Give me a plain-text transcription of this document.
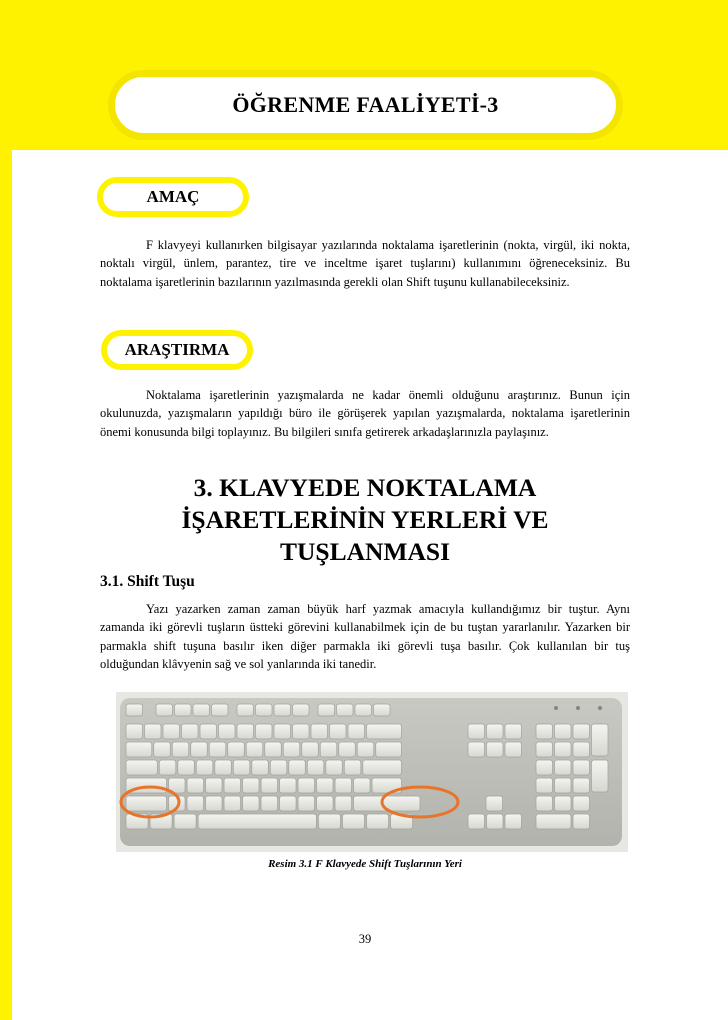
ÖĞRENME FAALİYETİ-3
AMAÇ
F klavyeyi kullanırken bilgisayar yazılarında noktalama işaretlerinin (nokta, virgül, iki nokta, noktalı virgül, ünlem, parantez, tire ve inceltme işaret tuşlarını) kullanımını öğreneceksiniz. Bu noktalama işaretlerinin bazılarının yazılmasında gerekli olan Shift tuşunu kullanabileceksiniz.
ARAŞTIRMA
Noktalama işaretlerinin yazışmalarda ne kadar önemli olduğunu araştırınız. Bunun için okulunuzda, yazışmaların yapıldığı büro ile görüşerek yapılan yazışmalarda, noktalama işaretlerinin önemi konusunda bilgi toplayınız. Bu bilgileri sınıfa getirerek arkadaşlarınızla paylaşınız.
3. KLAVYEDE NOKTALAMA
İŞARETLERİNİN YERLERİ VE
TUŞLANMASI
3.1. Shift Tuşu
Yazı yazarken zaman zaman büyük harf yazmak amacıyla kullandığımız bir tuştur. Aynı zamanda iki görevli tuşların üstteki görevini kullanabilmek için de bu tuştan yararlanılır. Yazarken bir parmakla shift tuşuna basılır iken diğer parmakla iki görevli tuşa basılır. Çok kullanılan bir tuş olduğundan klâvyenin sağ ve sol yanlarında iki tanedir.
Resim 3.1 F Klavyede Shift Tuşlarının Yeri
39
